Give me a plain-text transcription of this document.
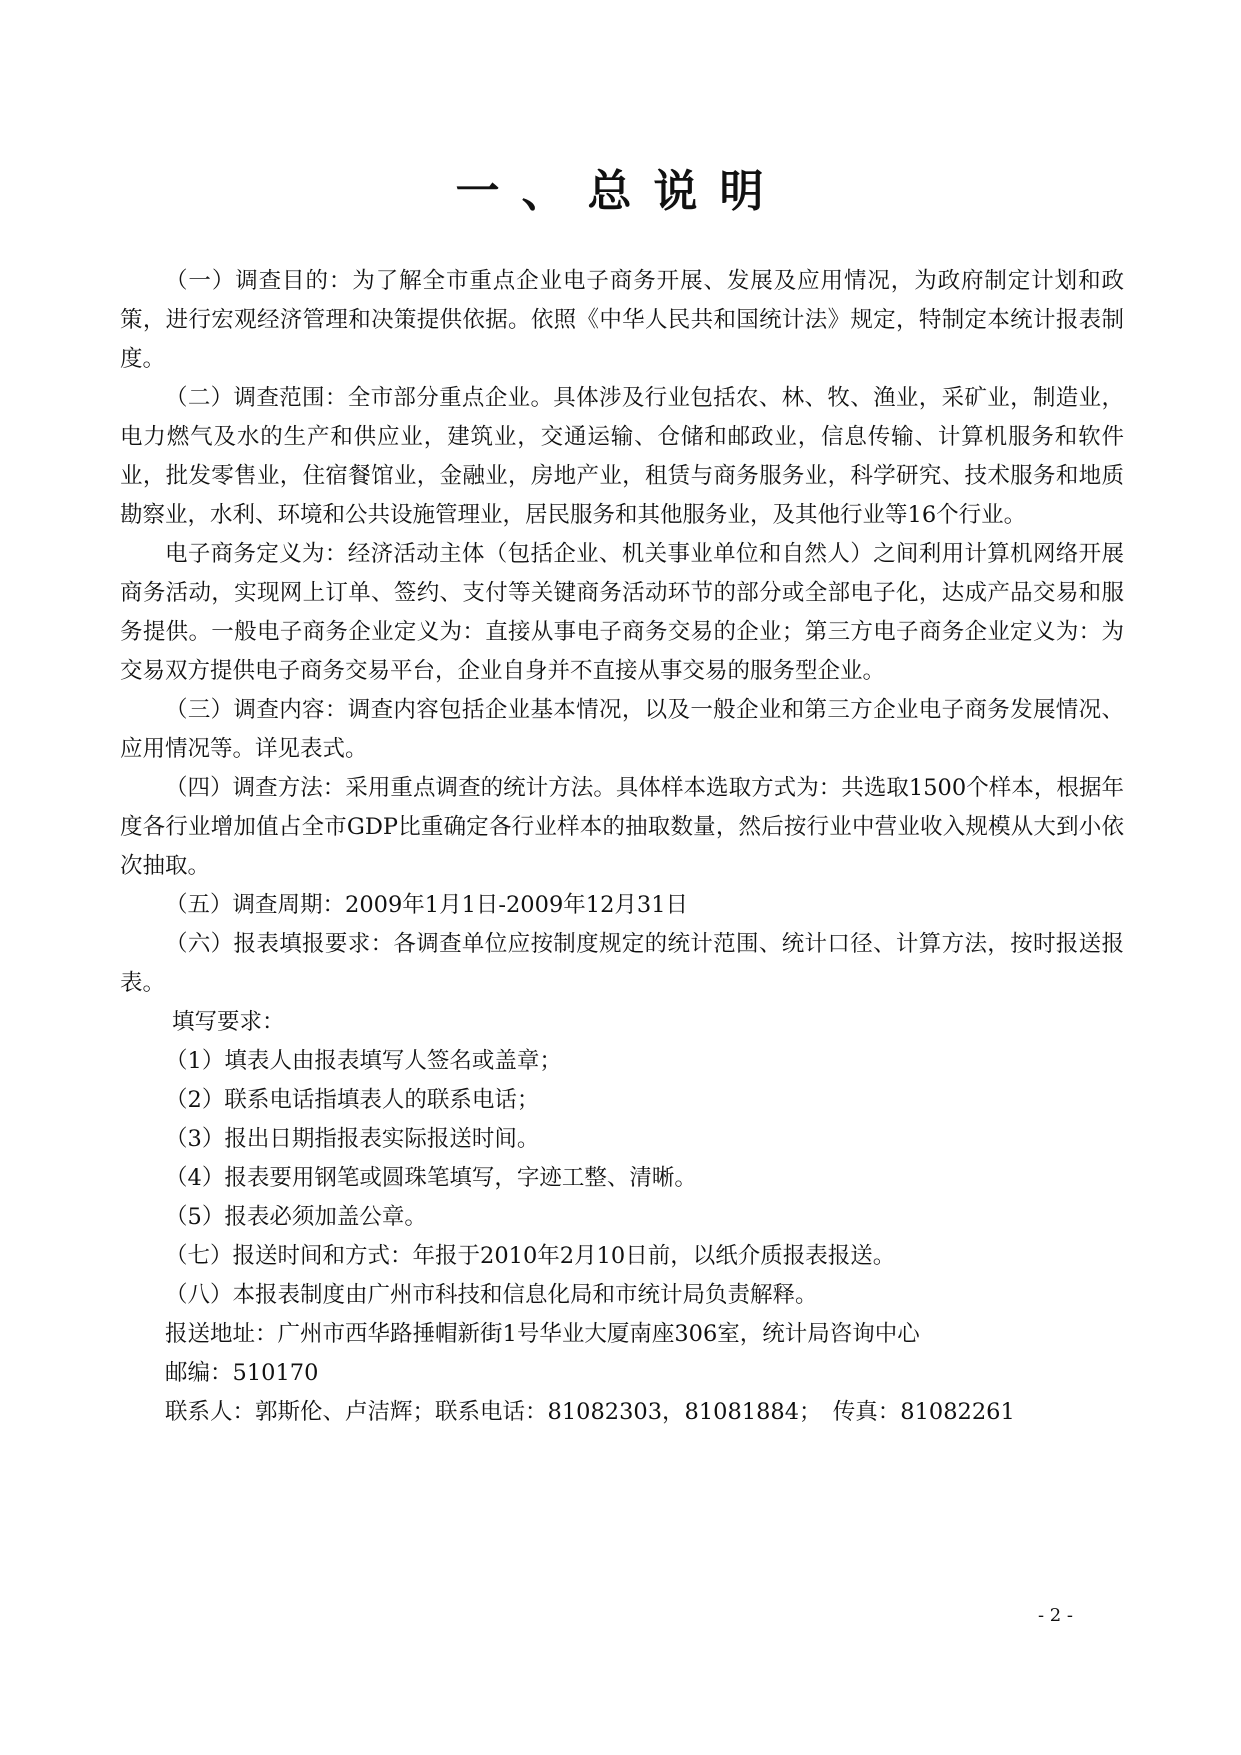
一、总说明

（一）调查目的：为了解全市重点企业电子商务开展、发展及应用情况，为政府制定计划和政策，进行宏观经济管理和决策提供依据。依照《中华人民共和国统计法》规定，特制定本统计报表制度。

（二）调查范围：全市部分重点企业。具体涉及行业包括农、林、牧、渔业，采矿业，制造业，电力燃气及水的生产和供应业，建筑业，交通运输、仓储和邮政业，信息传输、计算机服务和软件业，批发零售业，住宿餐馆业，金融业，房地产业，租赁与商务服务业，科学研究、技术服务和地质勘察业，水利、环境和公共设施管理业，居民服务和其他服务业，及其他行业等16个行业。

电子商务定义为：经济活动主体（包括企业、机关事业单位和自然人）之间利用计算机网络开展商务活动，实现网上订单、签约、支付等关键商务活动环节的部分或全部电子化，达成产品交易和服务提供。一般电子商务企业定义为：直接从事电子商务交易的企业；第三方电子商务企业定义为：为交易双方提供电子商务交易平台，企业自身并不直接从事交易的服务型企业。

（三）调查内容：调查内容包括企业基本情况，以及一般企业和第三方企业电子商务发展情况、应用情况等。详见表式。

（四）调查方法：采用重点调查的统计方法。具体样本选取方式为：共选取1500个样本，根据年度各行业增加值占全市GDP比重确定各行业样本的抽取数量，然后按行业中营业收入规模从大到小依次抽取。

（五）调查周期：2009年1月1日-2009年12月31日

（六）报表填报要求：各调查单位应按制度规定的统计范围、统计口径、计算方法，按时报送报表。

填写要求：

（1）填表人由报表填写人签名或盖章；

（2）联系电话指填表人的联系电话；

（3）报出日期指报表实际报送时间。

（4）报表要用钢笔或圆珠笔填写，字迹工整、清晰。

（5）报表必须加盖公章。

（七）报送时间和方式：年报于2010年2月10日前，以纸介质报表报送。

（八）本报表制度由广州市科技和信息化局和市统计局负责解释。

报送地址：广州市西华路捶帽新街1号华业大厦南座306室，统计局咨询中心

邮编：510170

联系人：郭斯伦、卢洁辉；联系电话：81082303，81081884；　传真：81082261

- 2 -
